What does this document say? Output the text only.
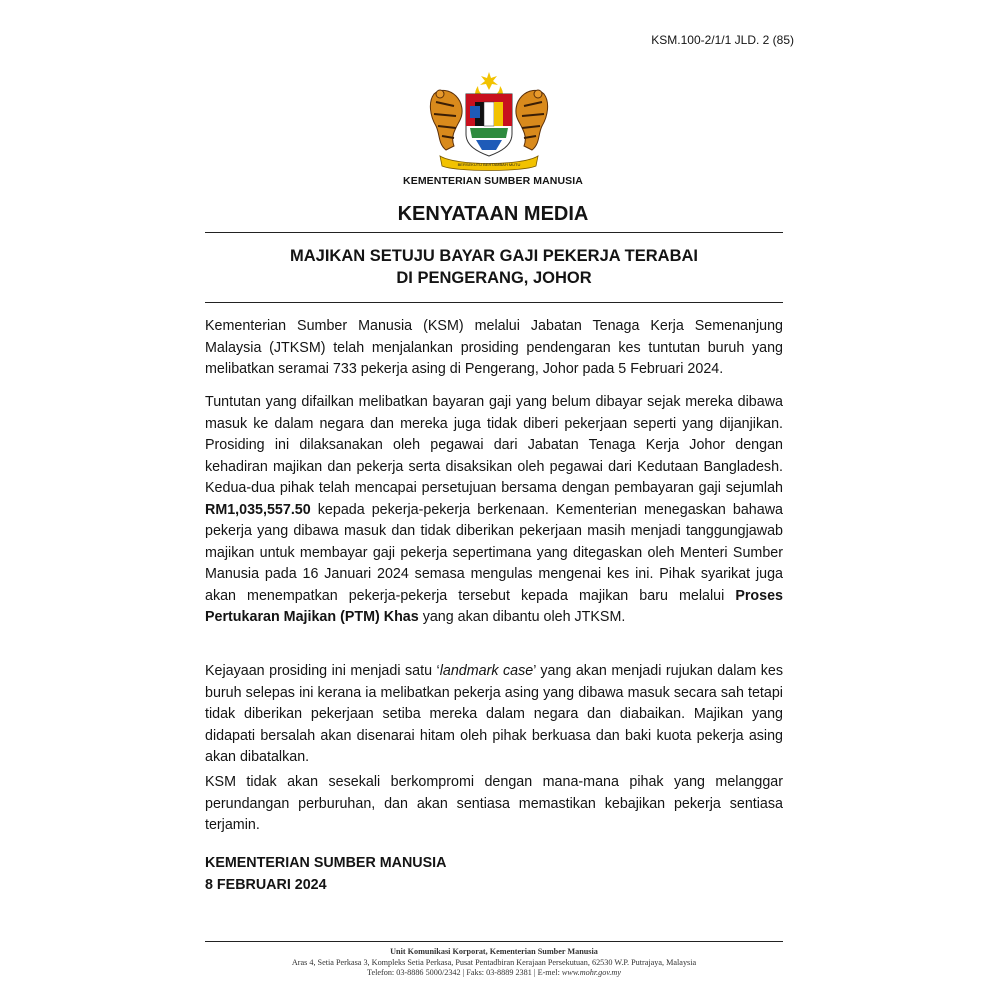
KSM.100-2/1/1 JLD. 2 (85)
BERSEKUTU BERTAMBAH MUTU
KEMENTERIAN SUMBER MANUSIA
KENYATAAN MEDIA
MAJIKAN SETUJU BAYAR GAJI PEKERJA TERABAI
DI PENGERANG, JOHOR
Kementerian Sumber Manusia (KSM) melalui Jabatan Tenaga Kerja Semenanjung Malaysia (JTKSM) telah menjalankan prosiding pendengaran kes tuntutan buruh yang melibatkan seramai 733 pekerja asing di Pengerang, Johor pada 5 Februari 2024.
Tuntutan yang difailkan melibatkan bayaran gaji yang belum dibayar sejak mereka dibawa masuk ke dalam negara dan mereka juga tidak diberi pekerjaan seperti yang dijanjikan. Prosiding ini dilaksanakan oleh pegawai dari Jabatan Tenaga Kerja Johor dengan kehadiran majikan dan pekerja serta disaksikan oleh pegawai dari Kedutaan Bangladesh. Kedua-dua pihak telah mencapai persetujuan bersama dengan pembayaran gaji sejumlah RM1,035,557.50 kepada pekerja-pekerja berkenaan. Kementerian menegaskan bahawa pekerja yang dibawa masuk dan tidak diberikan pekerjaan masih menjadi tanggungjawab majikan untuk membayar gaji pekerja sepertimana yang ditegaskan oleh Menteri Sumber Manusia pada 16 Januari 2024 semasa mengulas mengenai kes ini. Pihak syarikat juga akan menempatkan pekerja-pekerja tersebut kepada majikan baru melalui Proses Pertukaran Majikan (PTM) Khas yang akan dibantu oleh JTKSM.
Kejayaan prosiding ini menjadi satu ‘landmark case’ yang akan menjadi rujukan dalam kes buruh selepas ini kerana ia melibatkan pekerja asing yang dibawa masuk secara sah tetapi tidak diberikan pekerjaan setiba mereka dalam negara dan diabaikan. Majikan yang didapati bersalah akan disenarai hitam oleh pihak berkuasa dan baki kuota pekerja asing akan dibatalkan.
KSM tidak akan sesekali berkompromi dengan mana-mana pihak yang melanggar perundangan perburuhan, dan akan sentiasa memastikan kebajikan pekerja sentiasa terjamin.
KEMENTERIAN SUMBER MANUSIA
8 FEBRUARI 2024
Unit Komunikasi Korporat, Kementerian Sumber Manusia
Aras 4, Setia Perkasa 3, Kompleks Setia Perkasa, Pusat Pentadbiran Kerajaan Persekutuan, 62530 W.P. Putrajaya, Malaysia
Telefon: 03-8886 5000/2342 | Faks: 03-8889 2381 | E-mel: www.mohr.gov.my
